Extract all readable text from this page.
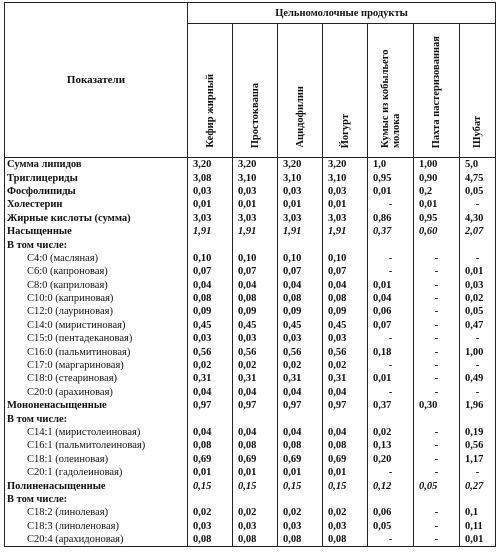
Показатели	Цельномолочные продукты						
	Кефир жирный	Простокваша	Ацидофилин	Йогурт	Кумыс из кобыльего молока	Пахта пастеризованная	Шубат
Сумма липидов	3,20	3,20	3,20	3,20	1,0	1,00	5,0
Триглицериды	3,08	3,10	3,10	3,10	0,95	0,90	4,75
Фосфолипиды	0,03	0,03	0,03	0,03	0,01	0,2	0,05
Холестерин	0,01	0,01	0,01	0,01	-	0,01	-
Жирные кислоты (сумма)	3,03	3,03	3,03	3,03	0,86	0,95	4,30
Насыщенные	1,91	1,91	1,91	1,91	0,37	0,60	2,07
В том числе:							
С4:0 (масляная)	0,10	0,10	0,10	0,10	-	-	-
С6:0 (капроновая)	0,07	0,07	0,07	0,07	-	-	0,01
С8:0 (каприловая)	0,04	0,04	0,04	0,04	0,01	-	0,03
С10:0 (каприновая)	0,08	0,08	0,08	0,08	0,04	-	0,02
С12:0 (лауриновая)	0,09	0,09	0,09	0,09	0,06	-	0,05
С14:0 (миристиновая)	0,45	0,45	0,45	0,45	0,07	-	0,47
С15:0 (пентадекановая)	0,03	0,03	0,03	0,03	-	-	-
С16:0 (пальмитиновая)	0,56	0,56	0,56	0,56	0,18	-	1,00
С17:0 (маргариновая)	0,02	0,02	0,02	0,02	-	-	-
С18:0 (стеариновая)	0,31	0,31	0,31	0,31	0,01	-	0,49
С20:0 (арахиновая)	0,04	0,04	0,04	0,04	-	-	-
Мононенасыщенные	0,97	0,97	0,97	0,97	0,37	0,30	1,96
В том числе:							
С14:1 (миристолеиновая)	0,04	0,04	0,04	0,04	0,02	-	0,19
С16:1 (пальмитолеиновая)	0,08	0,08	0,08	0,08	0,13	-	0,56
С18:1 (олеиновая)	0,69	0,69	0,69	0,69	0,20	-	1,17
С20:1 (гадолеиновая)	0,01	0,01	0,01	0,01	-	-	-
Полиненасыщенные	0,15	0,15	0,15	0,15	0,12	0,05	0,27
В том числе:							
С18:2 (линолевая)	0,02	0,02	0,02	0,02	0,06	-	0,1
С18:3 (линоленовая)	0,03	0,03	0,03	0,03	0,05	-	0,11
С20:4 (арахидоновая)	0,08	0,08	0,08	0,08	-	-	0,01
